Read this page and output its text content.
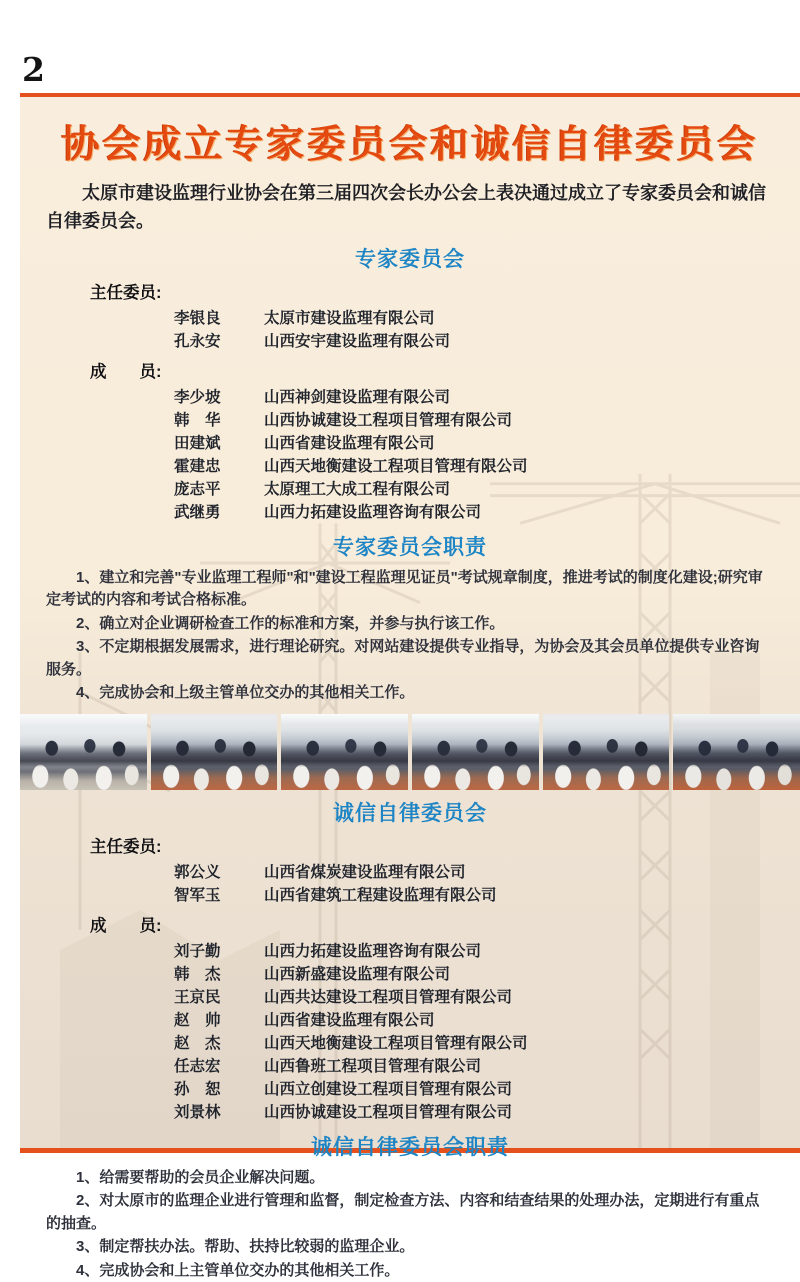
2
协会成立专家委员会和诚信自律委员会

太原市建设监理行业协会在第三届四次会长办公会上表决通过成立了专家委员会和诚信自律委员会。

专家委员会
主任委员:
李银良	太原市建设监理有限公司
孔永安	山西安宇建设监理有限公司
成　　员:
李少坡	山西神剑建设监理有限公司
韩　华	山西协诚建设工程项目管理有限公司
田建斌	山西省建设监理有限公司
霍建忠	山西天地衡建设工程项目管理有限公司
庞志平	太原理工大成工程有限公司
武继勇	山西力拓建设监理咨询有限公司
专家委员会职责

1、建立和完善"专业监理工程师"和"建设工程监理见证员"考试规章制度，推进考试的制度化建设;研究审定考试的内容和考试合格标准。

2、确立对企业调研检查工作的标准和方案，并参与执行该工作。

3、不定期根据发展需求，进行理论研究。对网站建设提供专业指导，为协会及其会员单位提供专业咨询服务。

4、完成协会和上级主管单位交办的其他相关工作。

诚信自律委员会
主任委员:
郭公义	山西省煤炭建设监理有限公司
智军玉	山西省建筑工程建设监理有限公司
成　　员:
刘子勤	山西力拓建设监理咨询有限公司
韩　杰	山西新盛建设监理有限公司
王京民	山西共达建设工程项目管理有限公司
赵　帅	山西省建设监理有限公司
赵　杰	山西天地衡建设工程项目管理有限公司
任志宏	山西鲁班工程项目管理有限公司
孙　恕	山西立创建设工程项目管理有限公司
刘景林	山西协诚建设工程项目管理有限公司
诚信自律委员会职责

1、给需要帮助的会员企业解决问题。

2、对太原市的监理企业进行管理和监督，制定检查方法、内容和结查结果的处理办法，定期进行有重点的抽查。

3、制定帮扶办法。帮助、扶持比较弱的监理企业。

4、完成协会和上主管单位交办的其他相关工作。
